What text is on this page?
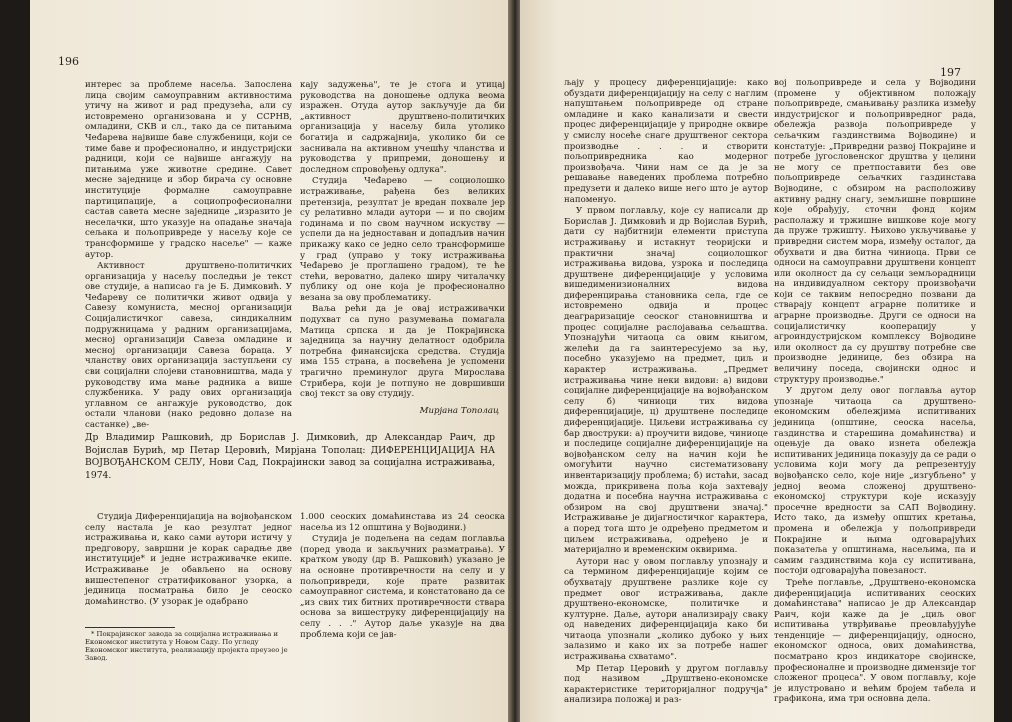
196

интерес за проблеме насеља. Запослена лица својим самоуправним активностима утичу на живот и рад предузећа, али су истовремено организована и у ССРНВ, омладини, СКВ и сл., тако да се питањима Чеđарева највише баве службеници, који се тиме баве и професионално, и индустријски радници, који се највише ангажују на питањима уже животне средине. Савет месне заједнице и збор бирача су основне институције формалне самоуправне партиципације, а социопрофесионални састав савета месне заједнице „изразито је неселачки, што указује на опадање значаја сељака и пољопривреде у насељу које се трансформише у градско насеље" — каже аутор.

Активност друштвено-политичких организација у насељу последњи је текст ове студије, а написао га је Б. Димковић. У Чеđареву се политички живот одвија у Савезу комуниста, месној организацији Социјалистичког савеза, синдикалним подружницама у радним организацијама, месној организацији Савеза омладине и месној организацији Савеза бораца. У чланству ових организација заступљени су сви социјални слојеви становништва, мада у руководству има мање радника а више службеника. У раду ових организација углавном се ангажује руководство, док остали чланови (нако редовно долазе на састанке) „ве-

кају задужења", те је стога и утицај руководства на доношење одлука веома изражен. Отуда аутор закључује да би „активност друштвено-политичких организација у насељу била утолико богатија и садржајнија, уколико би се заснивала на активном учешћу чланства и руководства у припреми, доношењу и доследном спровођењу одлука".

Студија Чеđарево — социолошко истраживање, рађена без великих претензија, резултат је вредан похвале јер су релативно млади аутори — и по својим годинама и по свом научном искуству — успели да на једноставан и допадљив начин прикажу како се једно село трансформише у град (управо у току истраживања Чеđарево је проглашено градом), те ће стећи, вероватно, далеко ширу читалачку публику од оне која је професионално везана за ову проблематику.

Ваља рећи да је овај истраживачки подухват са пуно разумевања помагала Матица српска и да је Покрајинска заједница за научну делатност одобрила потребна финансијска средства. Студија има 155 страна, а посвећена је успомени трагично преминулог друга Мирослава Стрибера, који је потпуно не довршивши свој текст за ову студију.

Мирјана Тополац

Др Владимир Рашковић, др Борислав Ј. Димковић, др Александар Раич, др Војислав Бурић, мр Петар Церовић, Мирјана Тополац: ДИФЕРЕНЦИЈАЦИЈА НА ВОЈВОЂАНСКОМ СЕЛУ, Нови Сад, Покрајински завод за социјална истраживања, 1974.

Студија Диференцијација на војвођанском селу настала је као резултат једног истраживања и, како сами аутори истичу у предговору, завршни је корак сарадње две институције* и једне истраживачке екипе. Истраживање је обављено на основу вишестепеног стратификованог узорка, а јединица посматрања било је сеоско домаћинство. (У узорак је одабрано

* Покрајинског завода за социјална истраживања и Економског института у Новом Саду. По угледу Економског института, реализацију пројекта преузео је Завод.

1.000 сеоских домаћинстава из 24 сеоска насеља из 12 општина у Војводини.)

Студија је подељена на седам поглавља (поред увода и закључних разматрања). У кратком уводу (др В. Рашковић) указано је на основне противречности на селу и у пољопривреди, које прате развитак самоуправног система, и констатовано да се „из свих тих битних противречности ствара основа за вишеструку диференцијацију на селу . . ." Аутор даље указује на два проблема који се јав-

197

љају у процесу диференцијације: како обуздати диференцијацију на селу с наглим напуштањем пољопривреде од стране омладине и како канализати и свести процес диференцијације у природне оквире у смислу носеће снаге друштвеног сектора производње . . . и створити пољопривредника као модерног произвођача. Чини нам се да је за решавање наведених проблема потребно предузети и далеко више него што је аутор напоменуо.

У првом поглављу, које су написали др Борислав Ј. Димковић и др Војислав Бурић, дати су најбитнији елементи приступа истраживању и истакнут теоријски и практични значај социолошког истраживања видова, узрока и последица друштвене диференцијације у условима вишедименизионалних видова диференцирања становника села, где се истовремено одвија и процес деаграризације сеоског становништва и процес социјалне раслојавања сељаштва. Упознајући читаоца са овим књигом, желећи да га заинтересујемо за њу, посебно указујемо на предмет, циљ и карактер истраживања. „Предмет истраживања чине неки видови: а) видови социјалне диференцијације на војвођанском селу б) чиниоци тих видова диференцијације, ц) друштвене последице диференцијације. Циљеви истраживања су бар двоструки: а) проучити видове, чиниоце и последице социјалне диференцијације на војвођанском селу на начин који ће омогућити научно систематизовану инвентаризацију проблема; б) истаћи, засад можда, прикривена поља која захтевају додатна и посебна научна истраживања с обзиром на свој друштвени значај." Истраживање је дијагностичког карактера, а поред тога што је одређено предметом и циљем истраживања, одређено је и материјално и временским оквирима.

Аутори нас у овом поглављу упознају и са термином диференцијације којим се обухватају друштвене разлике које су предмет овог истраживања, дакле друштвено-економске, политичке и културне. Даље, аутори анализирају сваку од наведених диференцијација како би читаоца упознали „колико дубоко у њих залазимо и како их за потребе нашег истраживања схватамо".

Мр Петар Церовић у другом поглављу под називом „Друштвено-економске карактеристике територијалног подручја" анализира положај и раз-

вој пољопривреде и села у Војводини (промене у објективном положају пољопривреде, смањивању разлика између индустријског и пољопривредног рада, обележја развоја пољопривреде у сељачким газдинствима Војводине) и констатује: „Привредни развој Покрајине и потребе југословенског друштва у целини не могу се претпоставити без ове пољопривреде сељачких газдинстава Војводине, с обзиром на расположиву активну радну снагу, земљишне површине које обрађују, сточни фонд којим располажу и тржишне вишкове које могу да пруже тржишту. Њихово укључивање у привредни систем мора, између осталог, да обухвати и два битна чиниоца. Први се односи на самоуправни друштвени концепт или околност да су сељаци земљорадници на индивидуалном сектору произвођачи који се таквим непосредно позвани да стварају концепт аграрне политике и аграрне производње. Други се односи на социјалистичку кооперацију у агроиндустријском комплексу Војводине или околност да су друштву потребне све производне јединице, без обзира на величину поседа, својински однос и структуру производње."

У другом делу овог поглавља аутор упознаје читаоца са друштвено-економским обележјима испитиваних јединица (општине, сеоска насеља, газдинства и старешина домаћинства) и оцењује да овако изнета обележја испитиваних јединица показују да се ради о условима који могу да репрезентују војвођанско село, које није „изгубљено" у једној веома сложеној друштвено-економској структури које исказују просечне вредности за САП Војводину. Исто тако, да између општих кретања, промена и обележја у пољопривреди Покрајине и њима одговарајућих показатеља у општинама, насељима, па и самим газдинствима која су испитивана, постоји одговарајућа повезаност.

Треће поглавље, „Друштвено-економска диференцијација испитиваних сеоских домаћинстава" написао је др Александар Раич, који каже да је „циљ овог испитивања утврђивање преовлађујуће тенденције — диференцијацију, односно, економског односа, ових домаћинства, посматрано кроз индикаторе својинске, професионалне и производне димензије тог сложеног процеса". У овом поглављу, које је илустровано и већим бројем табела и графикона, има три основна дела.
